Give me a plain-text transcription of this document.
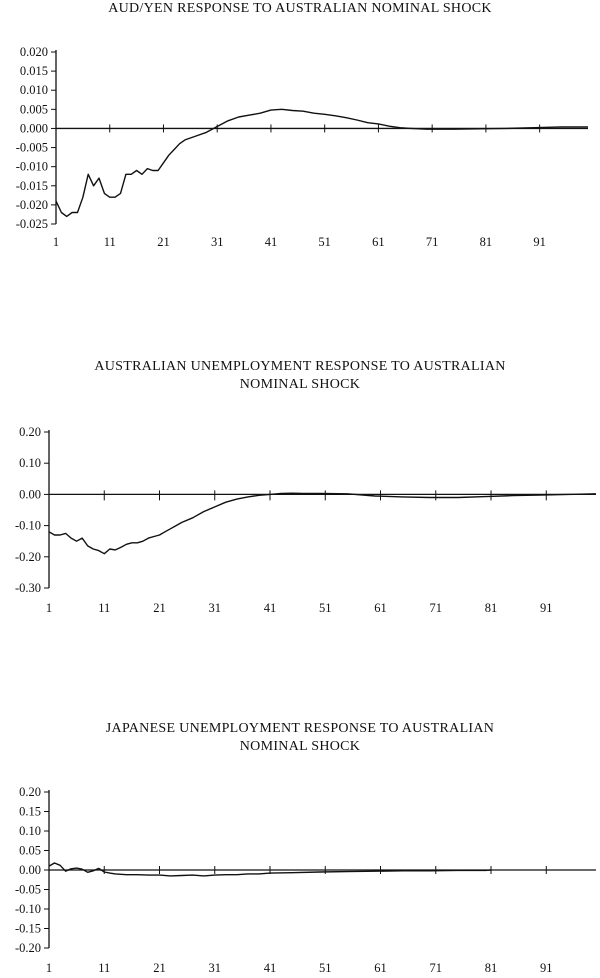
AUD/YEN RESPONSE TO AUSTRALIAN NOMINAL SHOCK
0.020
0.015
0.010
0.005
0.000
-0.005
-0.010
-0.015
-0.020
-0.025
1	11	21	31	41	51	61	71	81	91
AUSTRALIAN UNEMPLOYMENT RESPONSE TO AUSTRALIAN
NOMINAL SHOCK
0.20
0.10
0.00
-0.10
-0.20
-0.30
1	11	21	31	41	51	61	71	81	91
JAPANESE UNEMPLOYMENT RESPONSE TO AUSTRALIAN
NOMINAL SHOCK
0.20
0.15
0.10
0.05
0.00
-0.05
-0.10
-0.15
-0.20
1	11	21	31	41	51	61	71	81	91
